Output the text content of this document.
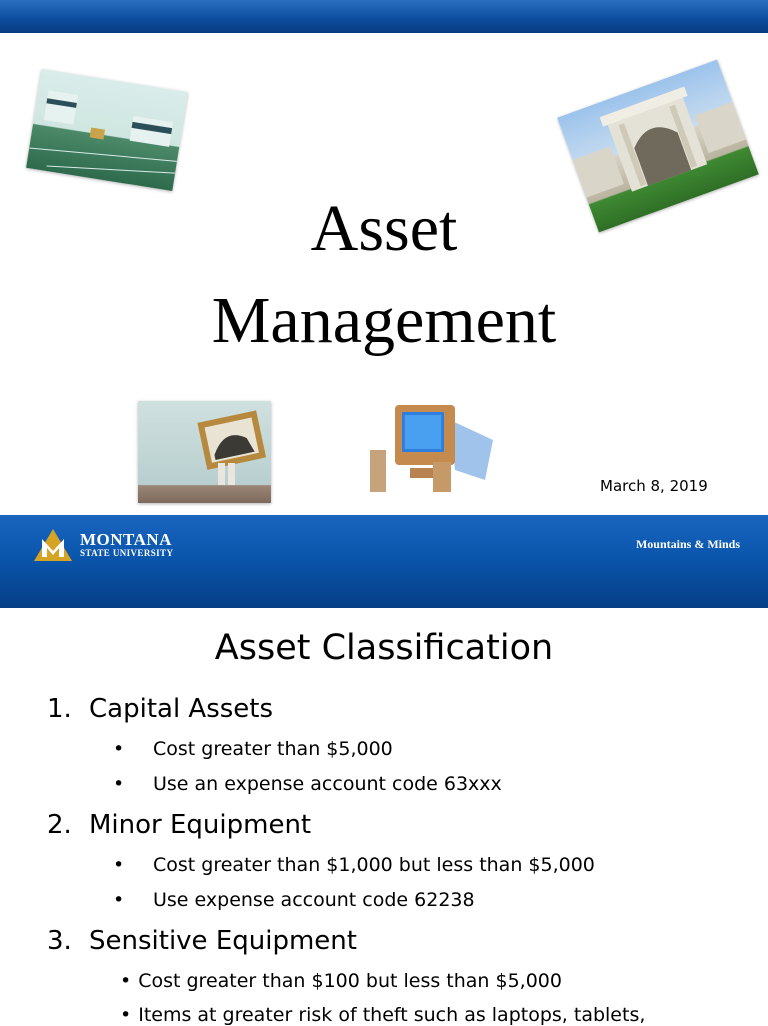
Asset
Management
March 8, 2019
MONTANA
STATE UNIVERSITY
Mountains & Minds
Asset Classification
1. Capital Assets
• Cost greater than $5,000
• Use an expense account code 63xxx
2. Minor Equipment
• Cost greater than $1,000 but less than $5,000
• Use expense account code 62238
3. Sensitive Equipment
• Cost greater than $100 but less than $5,000
• Items at greater risk of theft such as laptops, tablets,
